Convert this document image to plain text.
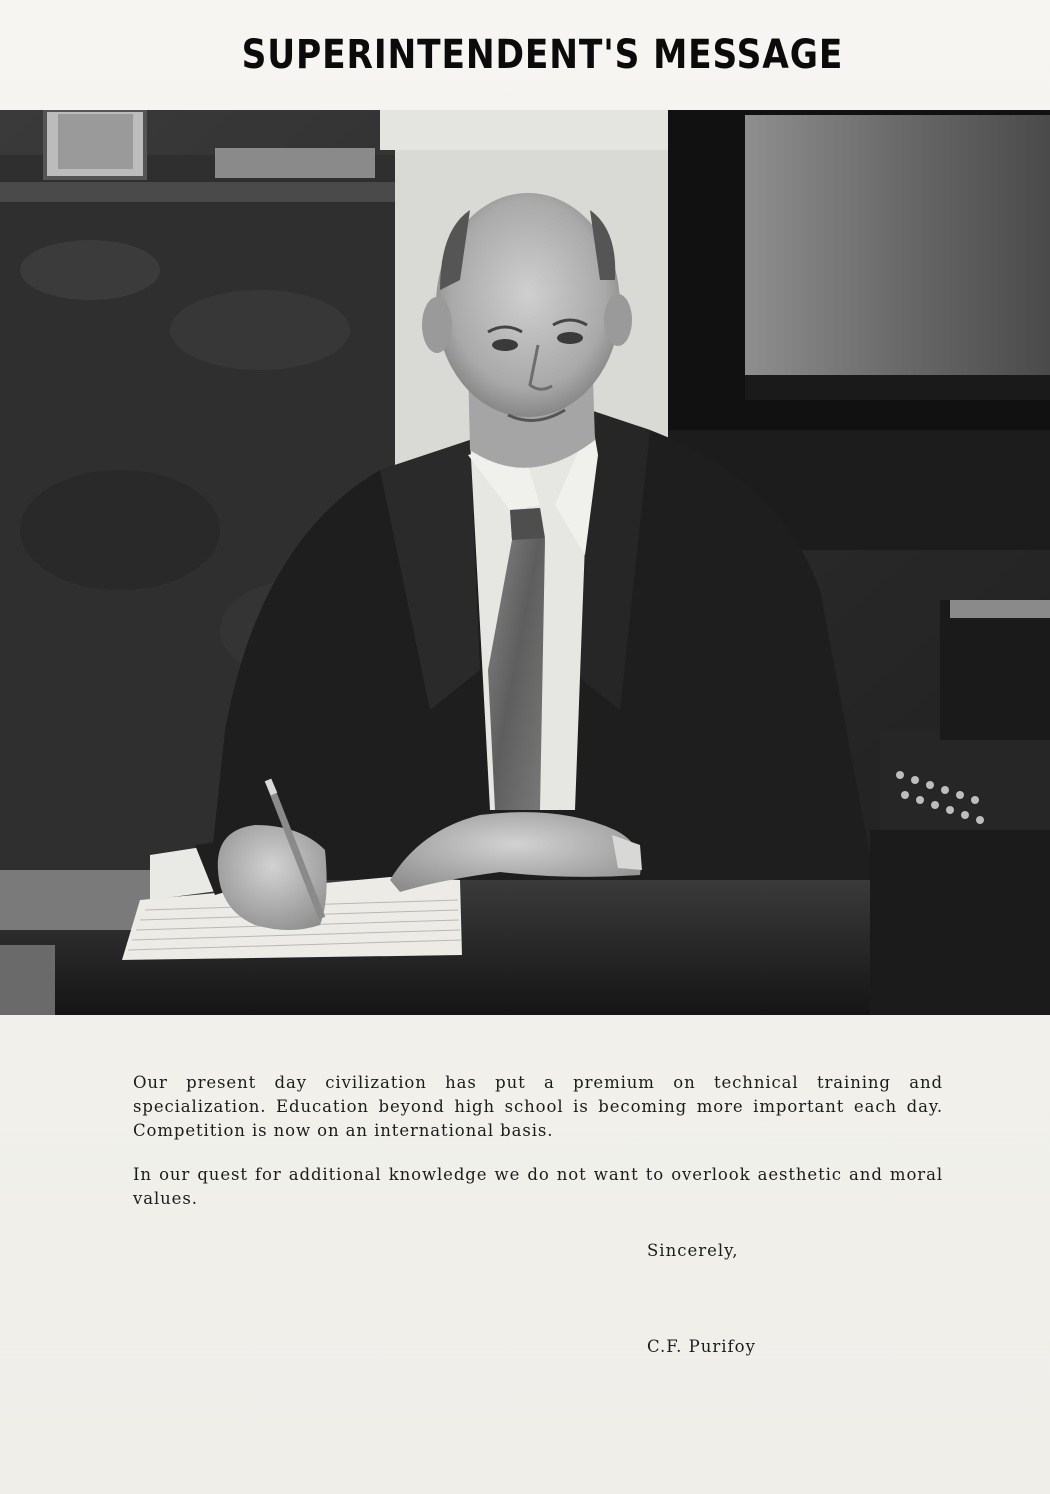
SUPERINTENDENT'S MESSAGE

Our present day civilization has put a premium on technical training and specialization. Education beyond high school is becoming more important each day. Competition is now on an international basis.

In our quest for additional knowledge we do not want to overlook aesthetic and moral values.

Sincerely,
C.F. Purifoy
